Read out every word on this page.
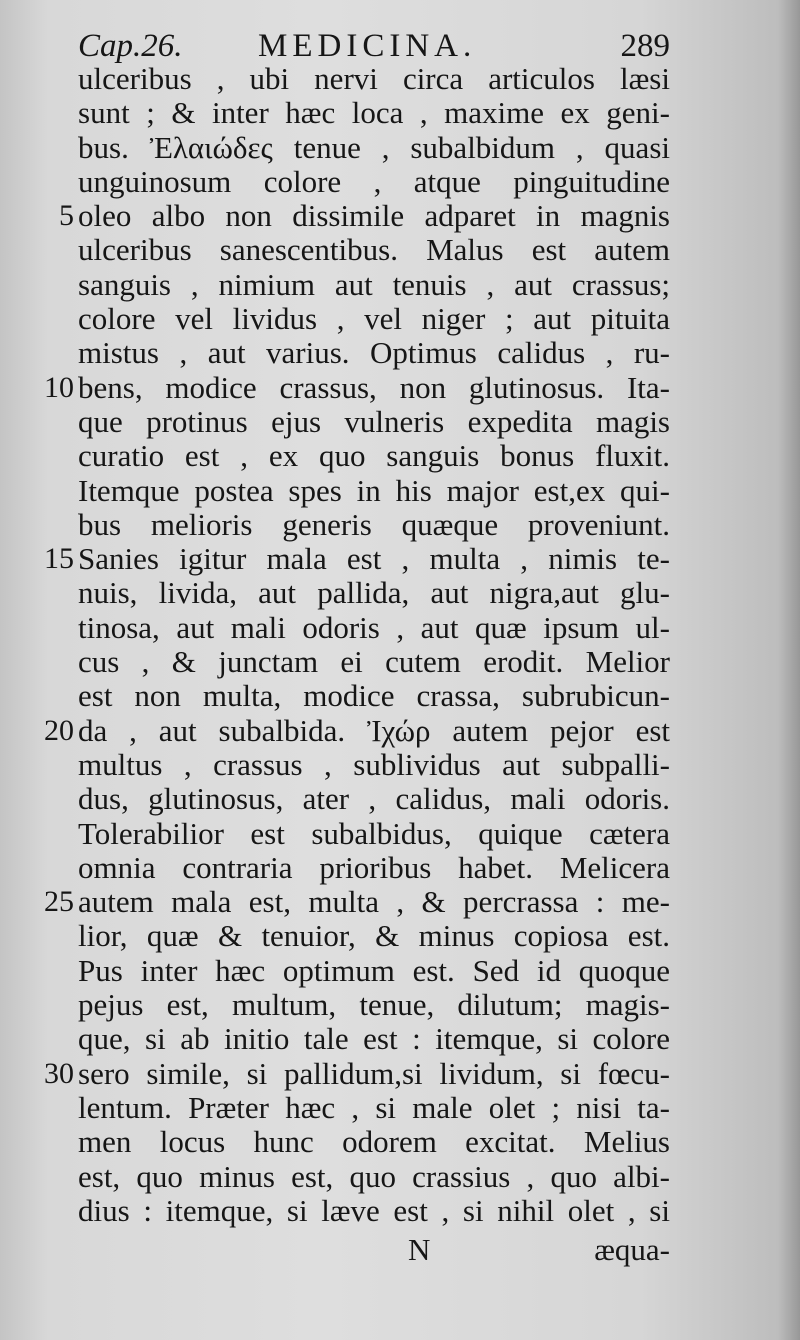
Cap.26. MEDICINA.	289
ulceribus , ubi nervi circa articulos læsi
sunt ; & inter hæc loca , maxime ex geni-
bus. Ἐλαιώδες tenue , subalbidum , quasi
unguinosum colore , atque pinguitudine
5 oleo albo non dissimile adparet in magnis
ulceribus sanescentibus. Malus est autem
sanguis , nimium aut tenuis , aut crassus;
colore vel lividus , vel niger ; aut pituita
mistus , aut varius. Optimus calidus , ru-
10 bens, modice crassus, non glutinosus. Ita-
que protinus ejus vulneris expedita magis
curatio est , ex quo sanguis bonus fluxit.
Itemque postea spes in his major est,ex qui-
bus melioris generis quæque proveniunt.
15 Sanies igitur mala est , multa , nimis te-
nuis, livida, aut pallida, aut nigra,aut glu-
tinosa, aut mali odoris , aut quæ ipsum ul-
cus , & junctam ei cutem erodit. Melior
est non multa, modice crassa, subrubicun-
20 da , aut subalbida. Ἰχώρ autem pejor est
multus , crassus , sublividus aut subpalli-
dus, glutinosus, ater , calidus, mali odoris.
Tolerabilior est subalbidus, quique cætera
omnia contraria prioribus habet. Melicera
25 autem mala est, multa , & percrassa : me-
lior, quæ & tenuior, & minus copiosa est.
Pus inter hæc optimum est. Sed id quoque
pejus est, multum, tenue, dilutum; magis-
que, si ab initio tale est : itemque, si colore
30 sero simile, si pallidum,si lividum, si fœcu-
lentum. Præter hæc , si male olet ; nisi ta-
men locus hunc odorem excitat. Melius
est, quo minus est, quo crassius , quo albi-
dius : itemque, si læve est , si nihil olet , si
N	æqua-
